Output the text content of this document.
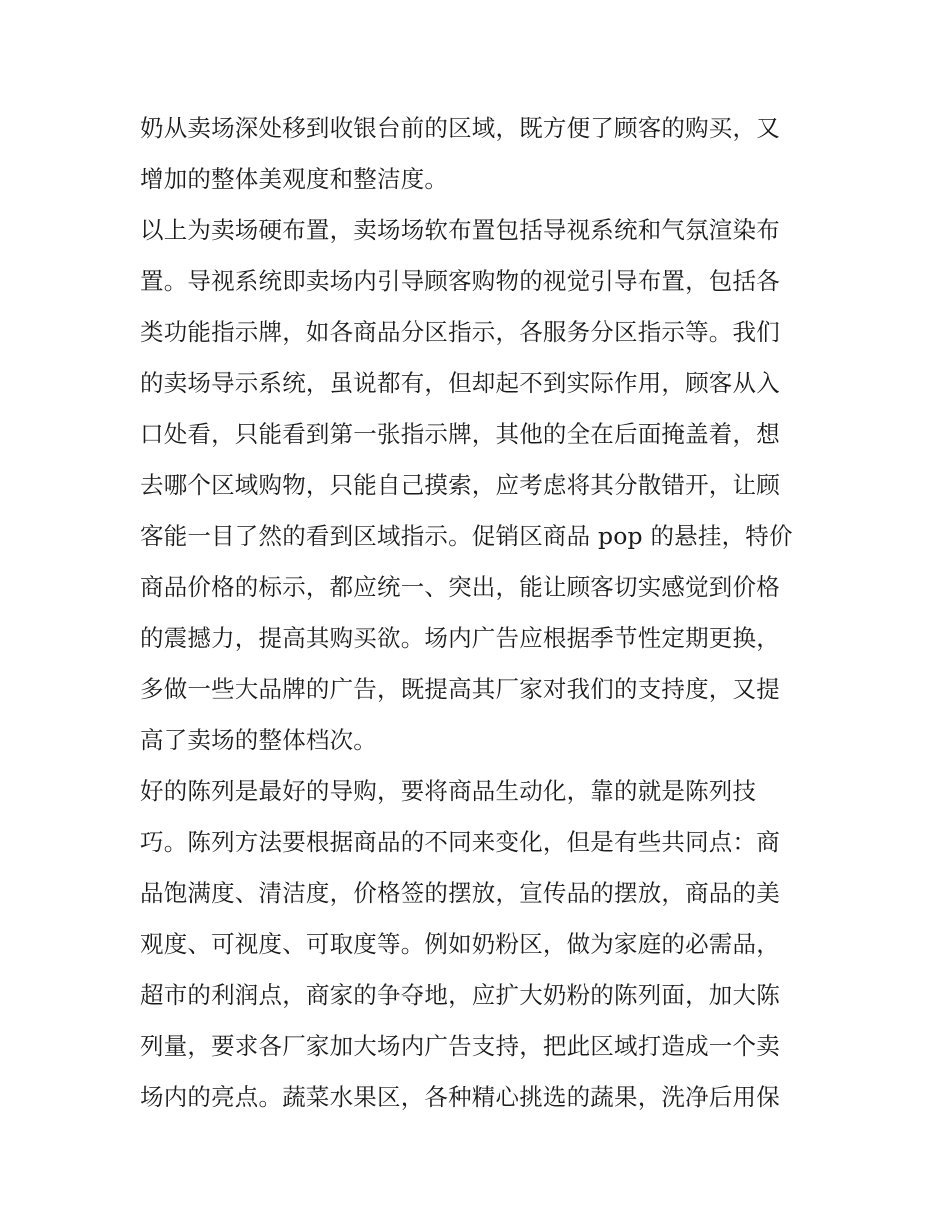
奶从卖场深处移到收银台前的区域，既方便了顾客的购买，又

增加的整体美观度和整洁度。

以上为卖场硬布置，卖场场软布置包括导视系统和气氛渲染布

置。导视系统即卖场内引导顾客购物的视觉引导布置，包括各

类功能指示牌，如各商品分区指示，各服务分区指示等。我们

的卖场导示系统，虽说都有，但却起不到实际作用，顾客从入

口处看，只能看到第一张指示牌，其他的全在后面掩盖着，想

去哪个区域购物，只能自己摸索，应考虑将其分散错开，让顾

客能一目了然的看到区域指示。促销区商品 pop 的悬挂，特价

商品价格的标示，都应统一、突出，能让顾客切实感觉到价格

的震撼力，提高其购买欲。场内广告应根据季节性定期更换，

多做一些大品牌的广告，既提高其厂家对我们的支持度，又提

高了卖场的整体档次。

好的陈列是最好的导购，要将商品生动化，靠的就是陈列技

巧。陈列方法要根据商品的不同来变化，但是有些共同点：商

品饱满度、清洁度，价格签的摆放，宣传品的摆放，商品的美

观度、可视度、可取度等。例如奶粉区，做为家庭的必需品，

超市的利润点，商家的争夺地，应扩大奶粉的陈列面，加大陈

列量，要求各厂家加大场内广告支持，把此区域打造成一个卖

场内的亮点。蔬菜水果区，各种精心挑选的蔬果，洗净后用保
